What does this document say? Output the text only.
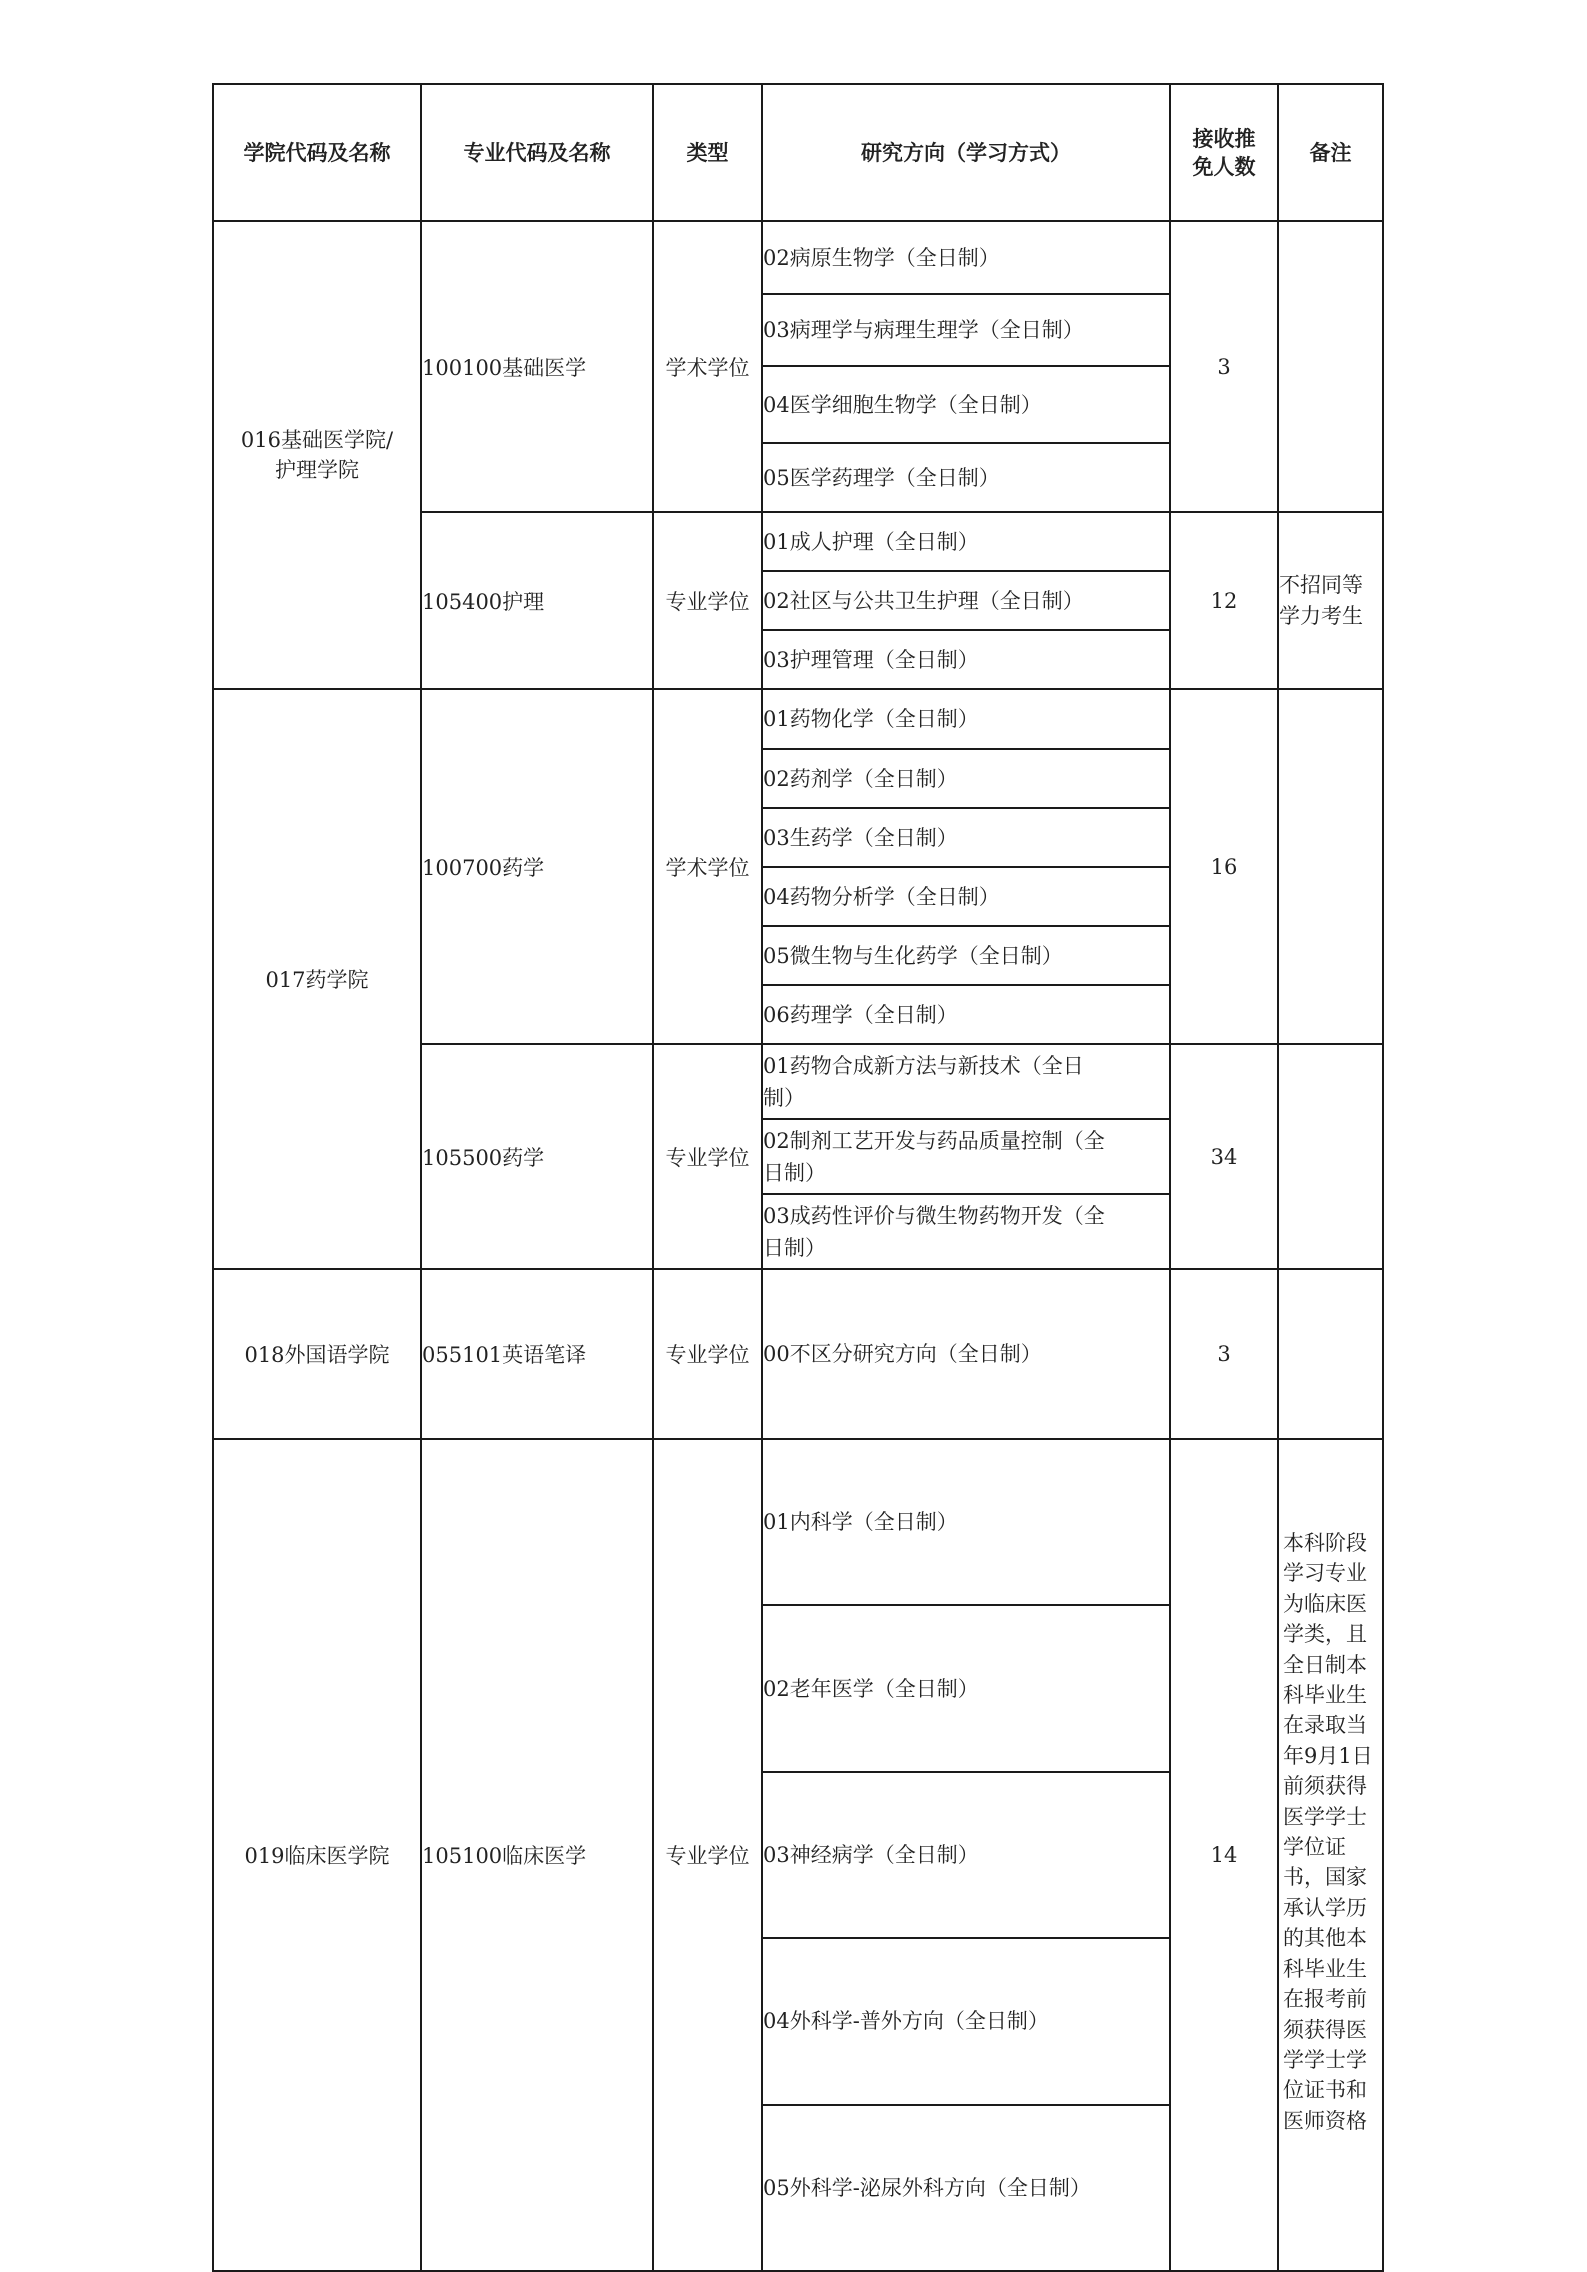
学院代码及名称	专业代码及名称	类型	研究方向（学习方式）	接收推免人数	备注
016基础医学院/护理学院	100100基础医学	学术学位	02病原生物学（全日制）	3	
			03病理学与病理生理学（全日制）		
			04医学细胞生物学（全日制）		
			05医学药理学（全日制）		
	105400护理	专业学位	01成人护理（全日制）	12	不招同等学力考生
			02社区与公共卫生护理（全日制）		
			03护理管理（全日制）		
017药学院	100700药学	学术学位	01药物化学（全日制）	16	
			02药剂学（全日制）		
			03生药学（全日制）		
			04药物分析学（全日制）		
			05微生物与生化药学（全日制）		
			06药理学（全日制）		
	105500药学	专业学位	01药物合成新方法与新技术（全日制）	34	
			02制剂工艺开发与药品质量控制（全日制）		
			03成药性评价与微生物药物开发（全日制）		
018外国语学院	055101英语笔译	专业学位	00不区分研究方向（全日制）	3	
019临床医学院	105100临床医学	专业学位	01内科学（全日制）	14	本科阶段学习专业为临床医学类，且全日制本科毕业生在录取当年9月1日前须获得医学学士学位证书，国家承认学历的其他本科毕业生在报考前须获得医学学士学位证书和医师资格

			02老年医学（全日制）		
			03神经病学（全日制）		
			04外科学-普外方向（全日制）		
			05外科学-泌尿外科方向（全日制）		
